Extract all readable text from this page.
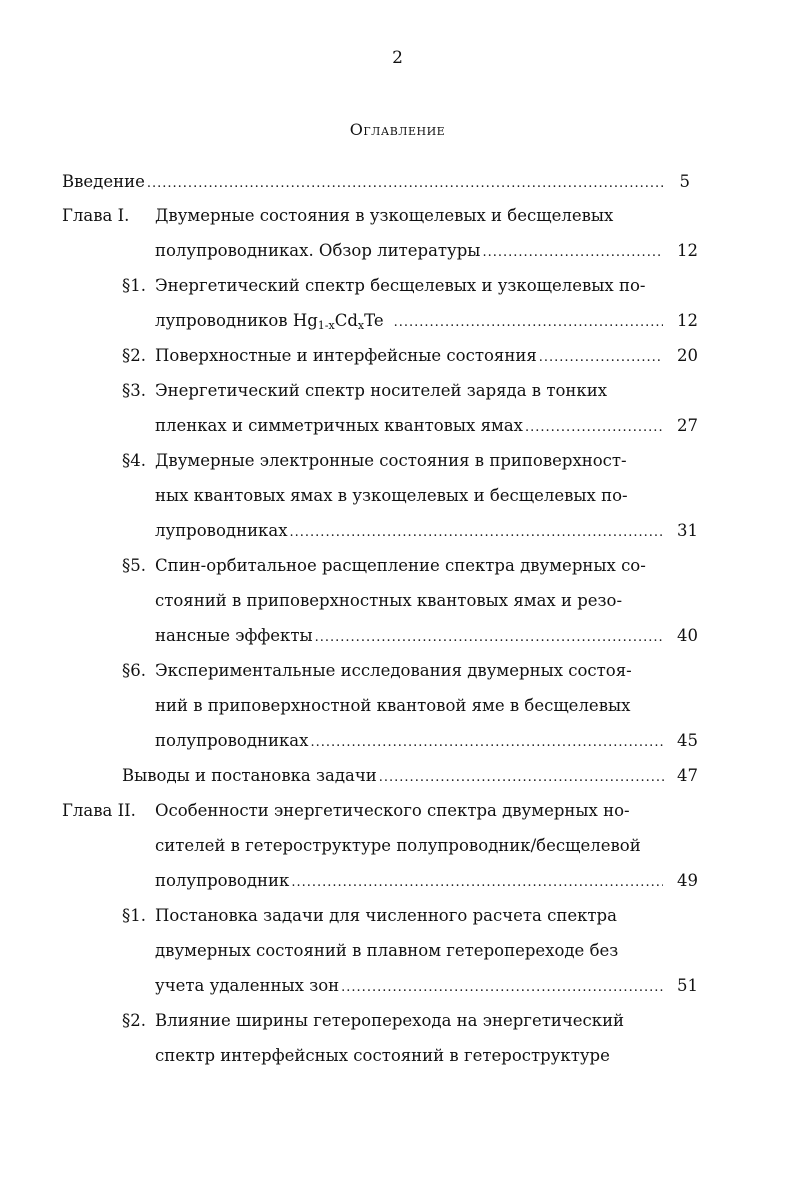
2
Оглавление
Введение .....	5
Глава I. Двумерные состояния в узкощелевых и бесщелевых
полупроводниках. Обзор литературы .....	12
§1. Энергетический спектр бесщелевых и узкощелевых по-
лупроводников $Hg_{1-x}Cd_xTe$ .....	12
§2. Поверхностные и интерфейсные состояния .....	20
§3. Энергетический спектр носителей заряда в тонких
пленках и симметричных квантовых ямах .....	27
§4. Двумерные электронные состояния в приповерхност-
ных квантовых ямах в узкощелевых и бесщелевых по-
лупроводниках .....	31
§5. Спин-орбитальное расщепление спектра двумерных со-
стояний в приповерхностных квантовых ямах и резо-
нансные эффекты .....	40
§6. Экспериментальные исследования двумерных состоя-
ний в приповерхностной квантовой яме в бесщелевых
полупроводниках .....	45
Выводы и постановка задачи .....	47
Глава II. Особенности энергетического спектра двумерных но-
сителей в гетероструктуре полупроводник/бесщелевой
полупроводник .....	49
§1. Постановка задачи для численного расчета спектра
двумерных состояний в плавном гетеропереходе без
учета удаленных зон .....	51
§2. Влияние ширины гетероперехода на энергетический
спектр интерфейсных состояний в гетероструктуре
